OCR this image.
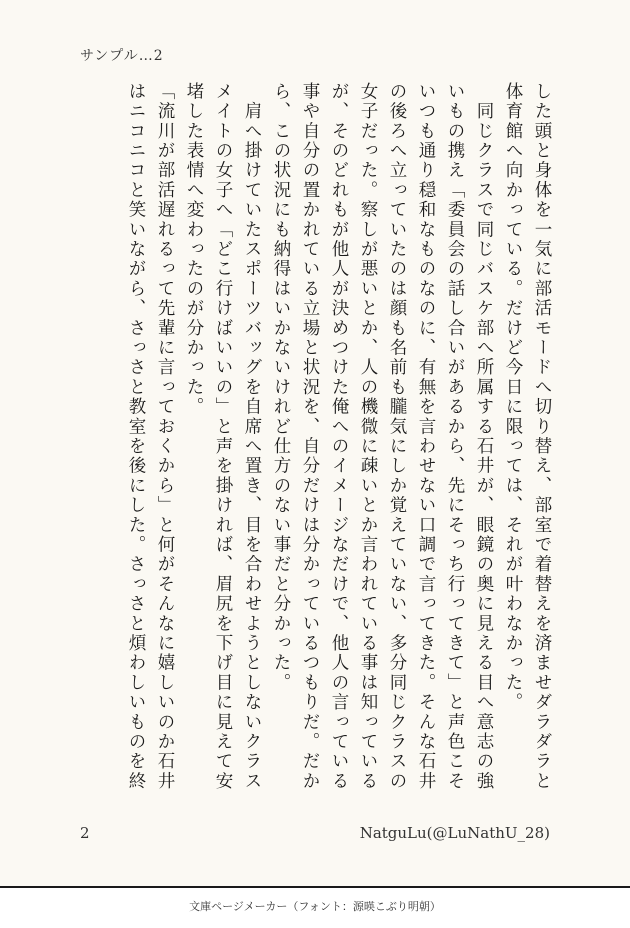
サンプル…2

した頭と身体を一気に部活モードへ切り替え、部室で着替えを済ませダラダラと体育館へ向かっている。だけど今日に限っては、それが叶わなかった。

　同じクラスで同じバスケ部へ所属する石井が、眼鏡の奥に見える目へ意志の強いもの携え「委員会の話し合いがあるから、先にそっち行ってきて」と声色こそいつも通り穏和なものなのに、有無を言わせない口調で言ってきた。そんな石井の後ろへ立っていたのは顔も名前も朧気にしか覚えていない、多分同じクラスの女子だった。察しが悪いとか、人の機微に疎いとか言われている事は知っているが、そのどれもが他人が決めつけた俺へのイメージなだけで、他人の言っている事や自分の置かれている立場と状況を、自分だけは分かっているつもりだ。だから、この状況にも納得はいかないけれど仕方のない事だと分かった。

　肩へ掛けていたスポーツバッグを自席へ置き、目を合わせようとしないクラスメイトの女子へ「どこ行けばいいの」と声を掛ければ、眉尻を下げ目に見えて安堵した表情へ変わったのが分かった。

「流川が部活遅れるって先輩に言っておくから」と何がそんなに嬉しいのか石井はニコニコと笑いながら、さっさと教室を後にした。さっさと煩わしいものを終

2	NatguLu(@LuNathU_28)
文庫ページメーカー（フォント：源暎こぶり明朝）
